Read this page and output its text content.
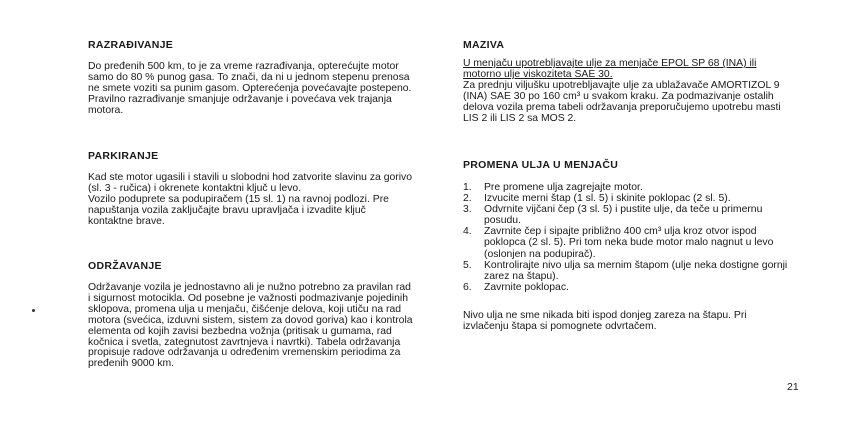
RAZRAĐIVANJE
Do pređenih 500 km, to je za vreme razrađivanja, opterećujte motor
samo do 80 % punog gasa. To znači, da ni u jednom stepenu prenosa
ne smete voziti sa punim gasom. Opterećenja povećavajte postepeno.
Pravilno razrađivanje smanjuje održavanje i povećava vek trajanja
motora.
PARKIRANJE
Kad ste motor ugasili i stavili u slobodni hod zatvorite slavinu za gorivo
(sl. 3 - ručica) i okrenete kontaktni ključ u levo.
Vozilo poduprete sa podupiračem (15 sl. 1) na ravnoj podlozi. Pre
napuštanja vozila zaključajte bravu upravljača i izvadite ključ
kontaktne brave.
ODRŽAVANJE
Održavanje vozila je jednostavno ali je nužno potrebno za pravilan rad
i sigurnost motocikla. Od posebne je važnosti podmazivanje pojedinih
sklopova, promena ulja u menjaču, čišćenje delova, koji utiču na rad
motora (svećica, izduvni sistem, sistem za dovod goriva) kao i kontrola
elementa od kojih zavisi bezbedna vožnja (pritisak u gumama, rad
kočnica i svetla, zategnutost zavrtnjeva i navrtki). Tabela održavanja
propisuje radove održavanja u određenim vremenskim periodima za
pređenih 9000 km.
MAZIVA
U menjaču upotrebljavajte ulje za menjače EPOL SP 68 (INA) ili
motorno ulje viskoziteta SAE 30.
Za prednju viljušku upotrebljavajte ulje za ublažavače AMORTIZOL 9
(INA) SAE 30 po 160 cm³ u svakom kraku. Za podmazivanje ostalih
delova vozila prema tabeli održavanja preporučujemo upotrebu masti
LIS 2 ili LIS 2 sa MOS 2.
PROMENA ULJA U MENJAČU
1. Pre promene ulja zagrejajte motor.
2. Izvucite merni štap (1 sl. 5) i skinite poklopac (2 sl. 5).
3. Odvrnite vijčani čep (3 sl. 5) i pustite ulje, da teče u primernu
posudu.
4. Zavrnite čep i sipajte približno 400 cm³ ulja kroz otvor ispod
poklopca (2 sl. 5). Pri tom neka bude motor malo nagnut u levo
(oslonjen na podupirač).
5. Kontrolirajte nivo ulja sa mernim štapom (ulje neka dostigne gornji
zarez na štapu).
6. Zavrnite poklopac.
Nivo ulja ne sme nikada biti ispod donjeg zareza na štapu. Pri
izvlačenju štapa si pomognete odvrtačem.
21
